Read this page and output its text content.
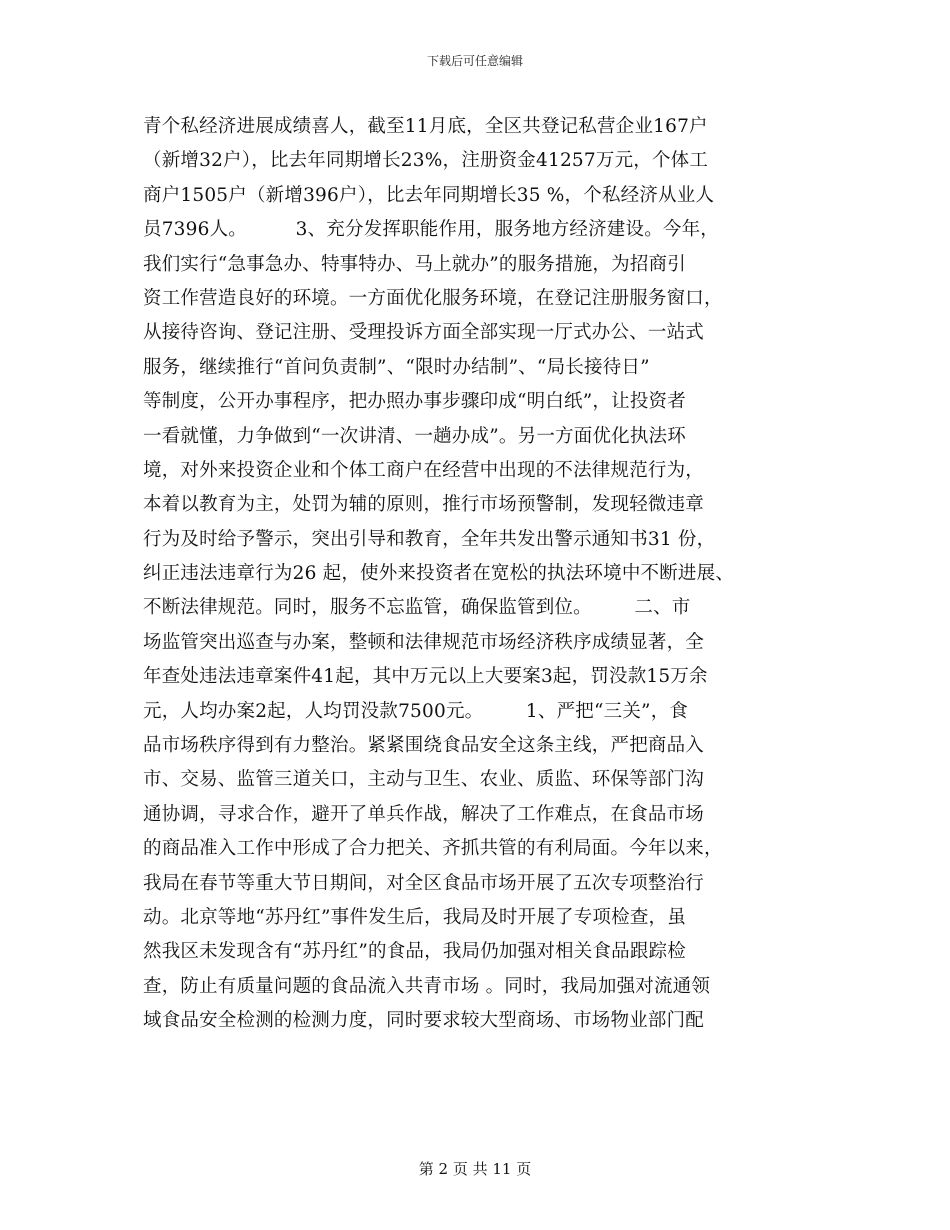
下载后可任意编辑
青个私经济进展成绩喜人，截至11月底，全区共登记私营企业167户
（新增32户），比去年同期增长23%，注册资金41257万元，个体工
商户1505户（新增396户），比去年同期增长35 %，个私经济从业人
员7396人。        3、充分发挥职能作用，服务地方经济建设。今年，
我们实行“急事急办、特事特办、马上就办”的服务措施，为招商引
资工作营造良好的环境。一方面优化服务环境，在登记注册服务窗口，
从接待咨询、登记注册、受理投诉方面全部实现一厅式办公、一站式
服务，继续推行“首问负责制”、“限时办结制”、“局长接待日”
等制度，公开办事程序，把办照办事步骤印成“明白纸”，让投资者
一看就懂，力争做到“一次讲清、一趟办成”。另一方面优化执法环
境，对外来投资企业和个体工商户在经营中出现的不法律规范行为，
本着以教育为主，处罚为辅的原则，推行市场预警制，发现轻微违章
行为及时给予警示，突出引导和教育，全年共发出警示通知书31 份，
纠正违法违章行为26 起，使外来投资者在宽松的执法环境中不断进展、
不断法律规范。同时，服务不忘监管，确保监管到位。       二、市
场监管突出巡查与办案，整顿和法律规范市场经济秩序成绩显著，全
年查处违法违章案件41起，其中万元以上大要案3起，罚没款15万余
元，人均办案2起，人均罚没款7500元。       1、严把“三关”，食
品市场秩序得到有力整治。紧紧围绕食品安全这条主线，严把商品入
市、交易、监管三道关口，主动与卫生、农业、质监、环保等部门沟
通协调，寻求合作，避开了单兵作战，解决了工作难点，在食品市场
的商品准入工作中形成了合力把关、齐抓共管的有利局面。今年以来，
我局在春节等重大节日期间，对全区食品市场开展了五次专项整治行
动。北京等地“苏丹红”事件发生后，我局及时开展了专项检查，虽
然我区未发现含有“苏丹红”的食品，我局仍加强对相关食品跟踪检
查，防止有质量问题的食品流入共青市场 。同时，我局加强对流通领
域食品安全检测的检测力度，同时要求较大型商场、市场物业部门配
第 2 页 共 11 页
